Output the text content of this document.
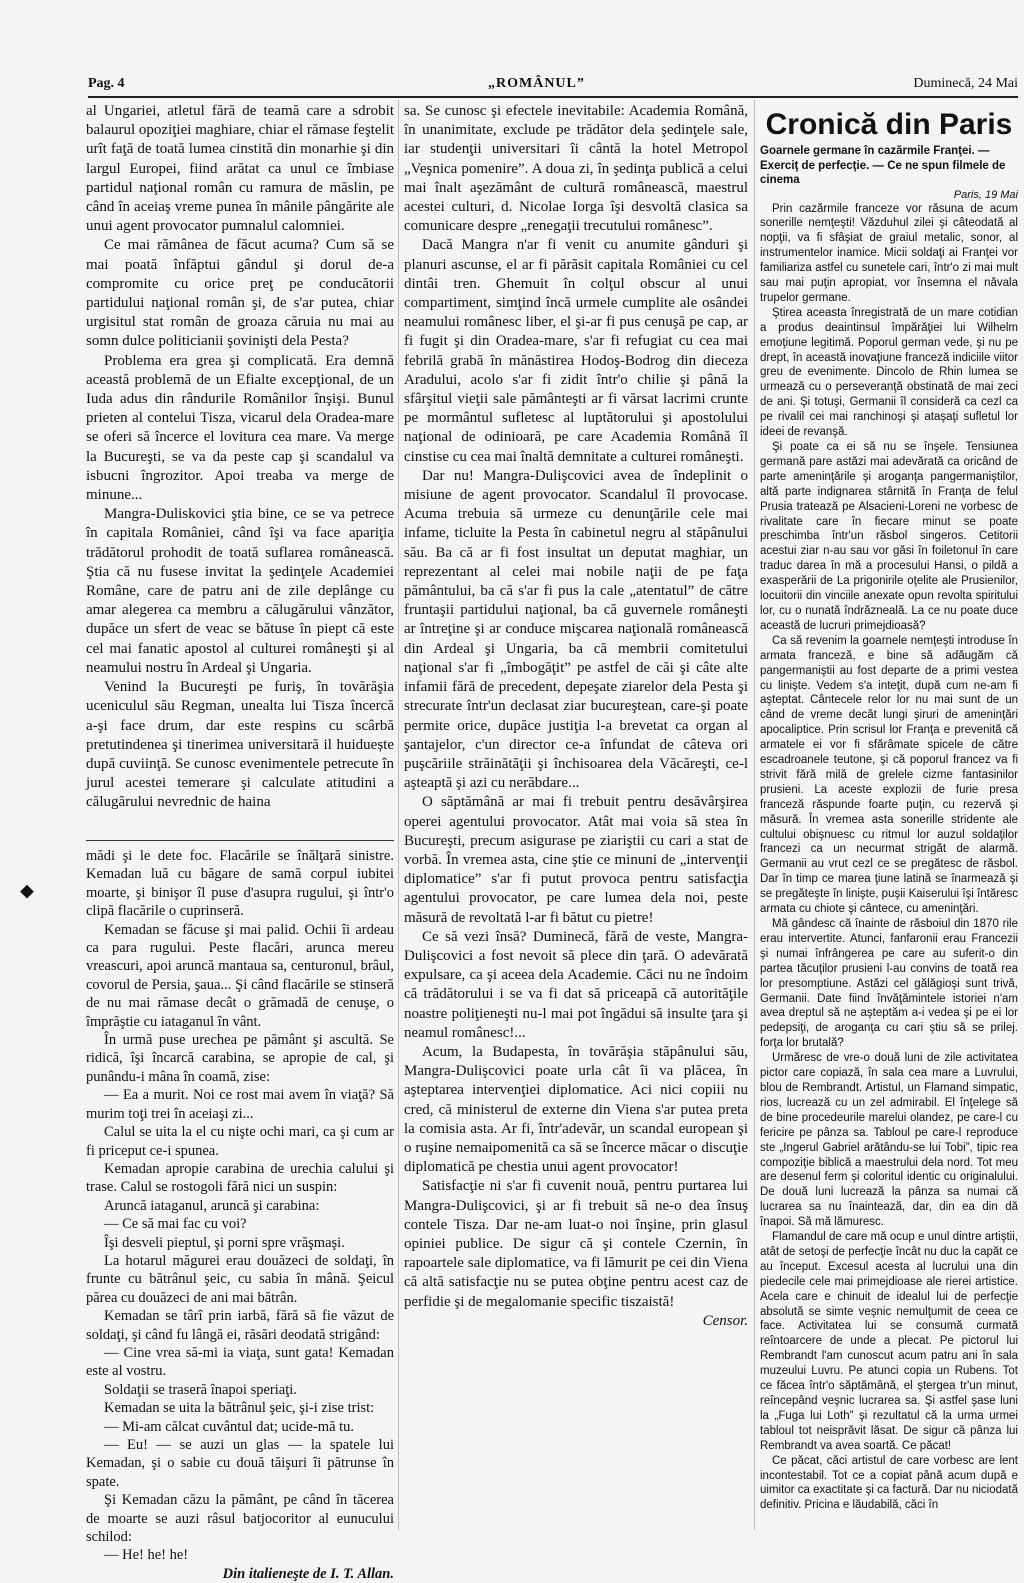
Pag. 4	„ROMÂNUL”	Duminecă, 24 Mai
⬥

al Ungariei, atletul fără de teamă care a sdrobit balaurul opoziţiei maghiare, chiar el rămase feştelit urît faţă de toată lumea cinstită din monarhie şi din largul Europei, fiind arătat ca unul ce îmbiase partidul naţional român cu ramura de măslin, pe când în aceiaş vreme punea în mânile pângărite ale unui agent provocator pumnalul calomniei.

Ce mai rămânea de făcut acuma? Cum să se mai poată înfăptui gândul şi dorul de-a compromite cu orice preţ pe conducătorii partidului naţional român şi, de s'ar putea, chiar urgisitul stat român de groaza căruia nu mai au somn dulce politicianii şovinişti dela Pesta?

Problema era grea şi complicată. Era demnă această problemă de un Efialte excepţional, de un Iuda adus din rândurile Românilor înşişi. Bunul prieten al contelui Tisza, vicarul dela Oradea-mare se oferi să încerce el lovitura cea mare. Va merge la Bucureşti, se va da peste cap şi scandalul va isbucni îngrozitor. Apoi treaba va merge de minune...

Mangra-Duliskovici ştia bine, ce se va petrece în capitala României, când îşi va face apariţia trădătorul prohodit de toată suflarea românească. Ştia că nu fusese invitat la şedinţele Academiei Române, care de patru ani de zile deplânge cu amar alegerea ca membru a călugărului vânzător, dupăce un sfert de veac se bătuse în piept că este cel mai fanatic apostol al culturei româneşti şi al neamului nostru în Ardeal şi Ungaria.

Venind la Bucureşti pe furiş, în tovărăşia uceniculul său Regman, unealta lui Tisza încercă a-şi face drum, dar este respins cu scârbă pretutindenea şi tinerimea universitară il huiduește după cuviinţă. Se cunosc evenimentele petrecute în jurul acestei temerare şi calculate atitudini a călugărului nevrednic de haina

mădi şi le dete foc. Flacările se înălţară sinistre. Kemadan luă cu băgare de samă corpul iubitei moarte, şi binişor îl puse d'asupra rugului, şi într'o clipă flacările o cuprinseră.

Kemadan se făcuse şi mai palid. Ochii îi ardeau ca para rugului. Peste flacări, arunca mereu vreascuri, apoi aruncă mantaua sa, centuronul, brâul, covorul de Persia, şaua... Şi când flacările se stinseră de nu mai rămase decât o grămadă de cenuşe, o împrăştie cu iataganul în vânt.

În urmă puse urechea pe pământ şi ascultă. Se ridică, îşi încarcă carabina, se apropie de cal, şi punându-i mâna în coamă, zise:

— Ea a murit. Noi ce rost mai avem în viaţă? Să murim toţi trei în aceiaşi zi...

Calul se uita la el cu nişte ochi mari, ca şi cum ar fi priceput ce-i spunea.

Kemadan apropie carabina de urechia calului şi trase. Calul se rostogoli fără nici un suspin:

Aruncă iataganul, aruncă şi carabina:

— Ce să mai fac cu voi?

Îşi desveli pieptul, şi porni spre vrăşmaşi.

La hotarul măgurei erau douăzeci de soldaţi, în frunte cu bătrânul şeic, cu sabia în mână. Şeicul părea cu douăzeci de ani mai bătrân.

Kemadan se târî prin iarbă, fără să fie văzut de soldaţi, şi când fu lângă ei, răsări deodată strigând:

— Cine vrea să-mi ia viaţa, sunt gata! Kemadan este al vostru.

Soldaţii se traseră înapoi speriaţi.

Kemadan se uita la bătrânul şeic, şi-i zise trist:

— Mi-am călcat cuvântul dat; ucide-mă tu.

— Eu! — se auzi un glas — la spatele lui Kemadan, şi o sabie cu două tăişuri îi pătrunse în spate.

Şi Kemadan căzu la pământ, pe când în tăcerea de moarte se auzi râsul batjocoritor al eunucului schilod:

— He! he! he!

Din italieneşte de I. T. Allan.

sa. Se cunosc şi efectele inevitabile: Academia Română, în unanimitate, exclude pe trădător dela şedinţele sale, iar studenţii universitari îi cântă la hotel Metropol „Veşnica pomenire”. A doua zi, în şedinţa publică a celui mai înalt aşezământ de cultură românească, maestrul acestei culturi, d. Nicolae Iorga îşi desvoltă clasica sa comunicare despre „renegaţii trecutului românesc”.

Dacă Mangra n'ar fi venit cu anumite gânduri şi planuri ascunse, el ar fi părăsit capitala României cu cel dintâi tren. Ghemuit în colţul obscur al unui compartiment, simţind încă urmele cumplite ale osândei neamului românesc liber, el şi-ar fi pus cenuşă pe cap, ar fi fugit şi din Oradea-mare, s'ar fi refugiat cu cea mai febrilă grabă în mănăstirea Hodoş-Bodrog din dieceza Aradului, acolo s'ar fi zidit într'o chilie şi până la sfârşitul vieţii sale pământeşti ar fi vărsat lacrimi crunte pe mormântul sufletesc al luptătorului şi apostolului naţional de odinioară, pe care Academia Română îl cinstise cu cea mai înaltă demnitate a culturei româneşti.

Dar nu! Mangra-Dulişcovici avea de îndeplinit o misiune de agent provocator. Scandalul îl provocase. Acuma trebuia să urmeze cu denunţările cele mai infame, ticluite la Pesta în cabinetul negru al stăpânului său. Ba că ar fi fost insultat un deputat maghiar, un reprezentant al celei mai nobile naţii de pe faţa pământului, ba că s'ar fi pus la cale „atentatul” de către fruntaşii partidului naţional, ba că guvernele româneşti ar întreţine şi ar conduce mişcarea naţională românească din Ardeal şi Ungaria, ba că membrii comitetului naţional s'ar fi „îmbogăţit” pe astfel de căi şi câte alte infamii fără de precedent, depeşate ziarelor dela Pesta şi strecurate într'un declasat ziar bucureştean, care-şi poate permite orice, dupăce justiţia l-a brevetat ca organ al şantajelor, c'un director ce-a înfundat de câteva ori puşcăriile străinătăţii şi închisoarea dela Văcăreşti, ce-l aşteaptă şi azi cu nerăbdare...

O săptămână ar mai fi trebuit pentru desăvârşirea operei agentului provocator. Atât mai voia să stea în Bucureşti, precum asigurase pe ziariştii cu cari a stat de vorbă. În vremea asta, cine ştie ce minuni de „intervenţii diplomatice” s'ar fi putut provoca pentru satisfacţia agentului provocator, pe care lumea dela noi, peste măsură de revoltată l-ar fi bătut cu pietre!

Ce să vezi însă? Duminecă, fără de veste, Mangra-Dulişcovici a fost nevoit să plece din ţară. O adevărată expulsare, ca şi aceea dela Academie. Căci nu ne îndoim că trădătorului i se va fi dat să priceapă că autorităţile noastre poliţieneşti nu-l mai pot îngădui să insulte ţara şi neamul românesc!...

Acum, la Budapesta, în tovărăşia stăpânului său, Mangra-Dulişcovici poate urla cât îi va plăcea, în aşteptarea intervenţiei diplomatice. Aci nici copiii nu cred, că ministerul de externe din Viena s'ar putea preta la comisia asta. Ar fi, într'adevăr, un scandal european şi o ruşine nemaipomenită ca să se încerce măcar o discuţie diplomatică pe chestia unui agent provocator!

Satisfacţie ni s'ar fi cuvenit nouă, pentru purtarea lui Mangra-Dulişcovici, şi ar fi trebuit să ne-o dea însuş contele Tisza. Dar ne-am luat-o noi înşine, prin glasul opiniei publice. De sigur că şi contele Czernin, în rapoartele sale diplomatice, va fi lămurit pe cei din Viena că altă satisfacţie nu se putea obţine pentru acest caz de perfidie şi de megalomanie specific tiszaistă!

Censor.

Cronică din Paris

Goarnele germane în cazărmile Franţei. — Exerciţ de perfecţie. — Ce ne spun filmele de cinema

Paris, 19 Mai

Prin cazărmile franceze vor răsuna de acum sonerille nemţeşti! Văzduhul zilei şi câteodată al nopţii, va fi sfâşiat de graiul metalic, sonor, al instrumentelor inamice. Micii soldaţi ai Franţei vor familiariza astfel cu sunetele cari, într'o zi mai mult sau mai puţin apropiat, vor însemna el năvala trupelor germane.

Ştirea aceasta înregistrată de un mare cotidian a produs deaintinsul împărăţiei lui Wilhelm emoţiune legitimă. Poporul german vede, şi nu pe drept, în această inovaţiune franceză indiciile viitor greu de evenimente. Dincolo de Rhin lumea se urmează cu o perseveranţă obstinată de mai zeci de ani. Şi totuşi, Germanii îl consideră ca cezl ca pe rivalil cei mai ranchinoşi şi ataşaţi sufletul lor ideei de revanşă.

Şi poate ca ei să nu se înşele. Tensiunea germană pare astăzi mai adevărată ca oricând de parte ameninţările şi aroganţa pangermaniştilor, altă parte indignarea stârnită în Franţa de felul Prusia tratează pe Alsacieni-Loreni ne vorbesc de rivalitate care în fiecare minut se poate preschimba într'un răsbol singeros. Cetitorii acestui ziar n-au sau vor găsi în foiletonul în care traduc darea în mă a procesului Hansi, o pildă a exasperării de La prigonirile oţelite ale Prusienilor, locuitorii din vinciile anexate opun revolta spiritului lor, cu o nunată îndrăzneală. La ce nu poate duce această de lucruri primejdioasă?

Ca să revenim la goarnele nemţeşti introduse în armata franceză, e bine să adăugăm că pangermaniştii au fost departe de a primi vestea cu linişte. Vedem s'a inteţit, după cum ne-am fi aşteptat. Cântecele relor lor nu mai sunt de un când de vreme decât lungi şiruri de ameninţări apocaliptice. Prin scrisul lor Franţa e prevenită că armatele ei vor fi sfărâmate spicele de către escadroanele teutone, şi că poporul francez va fi strivit fără milă de grelele cizme fantasinilor prusieni. La aceste explozii de furie presa franceză răspunde foarte puţin, cu rezervă şi măsură. În vremea asta sonerille stridente ale cultului obişnuesc cu ritmul lor auzul soldaţilor francezi ca un necurmat strigăt de alarmă. Germanii au vrut cezl ce se pregătesc de răsbol. Dar în timp ce marea ţiune latină se înarmează şi se pregăteşte în linişte, puşii Kaiserului îşi întăresc armata cu chiote şi cântece, cu ameninţări.

Mă gândesc că înainte de răsboiul din 1870 rile erau intervertite. Atunci, fanfaronii erau Francezii şi numai înfrângerea pe care au suferit-o din partea tăcuţilor prusieni l-au convins de toată rea lor presomptiune. Astăzi cel gălăgioşi sunt trivă, Germanii. Date fiind învăţămintele istoriei n'am avea dreptul să ne aşteptăm a-i vedea şi pe ei lor pedepsiţi, de aroganţa cu cari ştiu să se prilej. forţa lor brutală?

Urmăresc de vre-o două luni de zile activitatea pictor care copiază, în sala cea mare a Luvrului, blou de Rembrandt. Artistul, un Flamand simpatic, rios, lucrează cu un zel admirabil. El înţelege să de bine procedeurile marelui olandez, pe care-l cu fericire pe pânza sa. Tabloul pe care-l reproduce ste „Ingerul Gabriel arătându-se lui Tobi”, tipic rea compoziţie biblică a maestrului dela nord. Tot meu are desenul ferm şi coloritul identic cu originalului. De două luni lucrează la pânza sa numai că lucrarea sa nu înaintează, dar, din ea din dă înapoi. Să mă lămuresc.

Flamandul de care mă ocup e unul dintre artiştii, atât de setoşi de perfecţie încât nu duc la capăt ce au început. Excesul acesta al lucrului una din piedecile cele mai primejdioase ale rierei artistice. Acela care e chinuit de idealul lui de perfecţie absolută se simte veşnic nemulţumit de ceea ce face. Activitatea lui se consumă curmată reîntoarcere de unde a plecat. Pe pictorul lui Rembrandt l'am cunoscut acum patru ani în sala muzeului Luvru. Pe atunci copia un Rubens. Tot ce făcea într'o săptămână, el ştergea tr'un minut, reîncepând veşnic lucrarea sa. Şi astfel şase luni la „Fuga lui Loth” şi rezultatul că la urma urmei tabloul tot neisprăvit lăsat. De sigur că pânza lui Rembrandt va avea soartă. Ce păcat!

Ce păcat, căci artistul de care vorbesc are lent incontestabil. Tot ce a copiat până acum după e uimitor ca exactitate şi ca factură. Dar nu niciodată definitiv. Pricina e lăudabilă, căci în
